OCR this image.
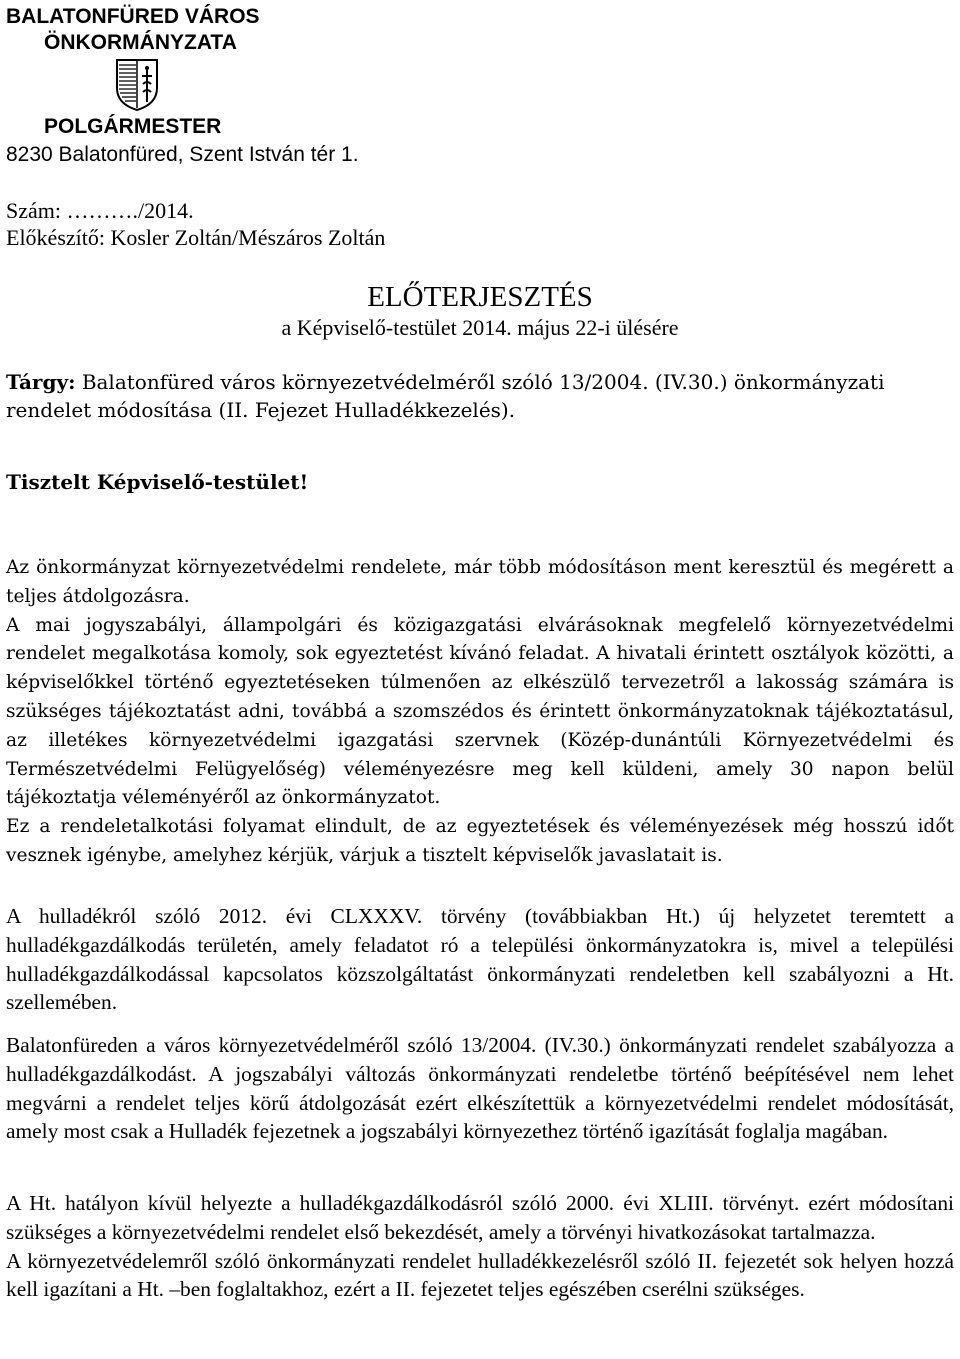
BALATONFÜRED VÁROS
ÖNKORMÁNYZATA
POLGÁRMESTER
8230 Balatonfüred, Szent István tér 1.
Szám: ………./2014.
Előkészítő: Kosler Zoltán/Mészáros Zoltán
ELŐTERJESZTÉS
a Képviselő-testület 2014. május 22-i ülésére
Tárgy: Balatonfüred város környezetvédelméről szóló 13/2004. (IV.30.) önkormányzati
rendelet módosítása (II. Fejezet Hulladékkezelés).
Tisztelt Képviselő-testület!

Az önkormányzat környezetvédelmi rendelete, már több módosításon ment keresztül és megérett a teljes átdolgozásra.

A mai jogyszabályi, állampolgári és közigazgatási elvárásoknak megfelelő környezetvédelmi rendelet megalkotása komoly, sok egyeztetést kívánó feladat. A hivatali érintett osztályok közötti, a képviselőkkel történő egyeztetéseken túlmenően az elkészülő tervezetről a lakosság számára is szükséges tájékoztatást adni, továbbá a szomszédos és érintett önkormányzatoknak tájékoztatásul, az illetékes környezetvédelmi igazgatási szervnek (Közép-dunántúli Környezetvédelmi és Természetvédelmi Felügyelőség) véleményezésre meg kell küldeni, amely 30 napon belül tájékoztatja véleményéről az önkormányzatot.

Ez a rendeletalkotási folyamat elindult, de az egyeztetések és véleményezések még hosszú időt vesznek igénybe, amelyhez kérjük, várjuk a tisztelt képviselők javaslatait is.

A hulladékról szóló 2012. évi CLXXXV. törvény (továbbiakban Ht.) új helyzetet teremtett a hulladékgazdálkodás területén, amely feladatot ró a települési önkormányzatokra is, mivel a települési hulladékgazdálkodással kapcsolatos közszolgáltatást önkormányzati rendeletben kell szabályozni a Ht. szellemében.

Balatonfüreden a város környezetvédelméről szóló 13/2004. (IV.30.) önkormányzati rendelet szabályozza a hulladékgazdálkodást. A jogszabályi változás önkormányzati rendeletbe történő beépítésével nem lehet megvárni a rendelet teljes körű átdolgozását ezért elkészítettük a környezetvédelmi rendelet módosítását, amely most csak a Hulladék fejezetnek a jogszabályi környezethez történő igazítását foglalja magában.

A Ht. hatályon kívül helyezte a hulladékgazdálkodásról szóló 2000. évi XLIII. törvényt. ezért módosítani szükséges a környezetvédelmi rendelet első bekezdését, amely a törvényi hivatkozásokat tartalmazza.

A környezetvédelemről szóló önkormányzati rendelet hulladékkezelésről szóló II. fejezetét sok helyen hozzá kell igazítani a Ht. –ben foglaltakhoz, ezért a II. fejezetet teljes egészében cserélni szükséges.
